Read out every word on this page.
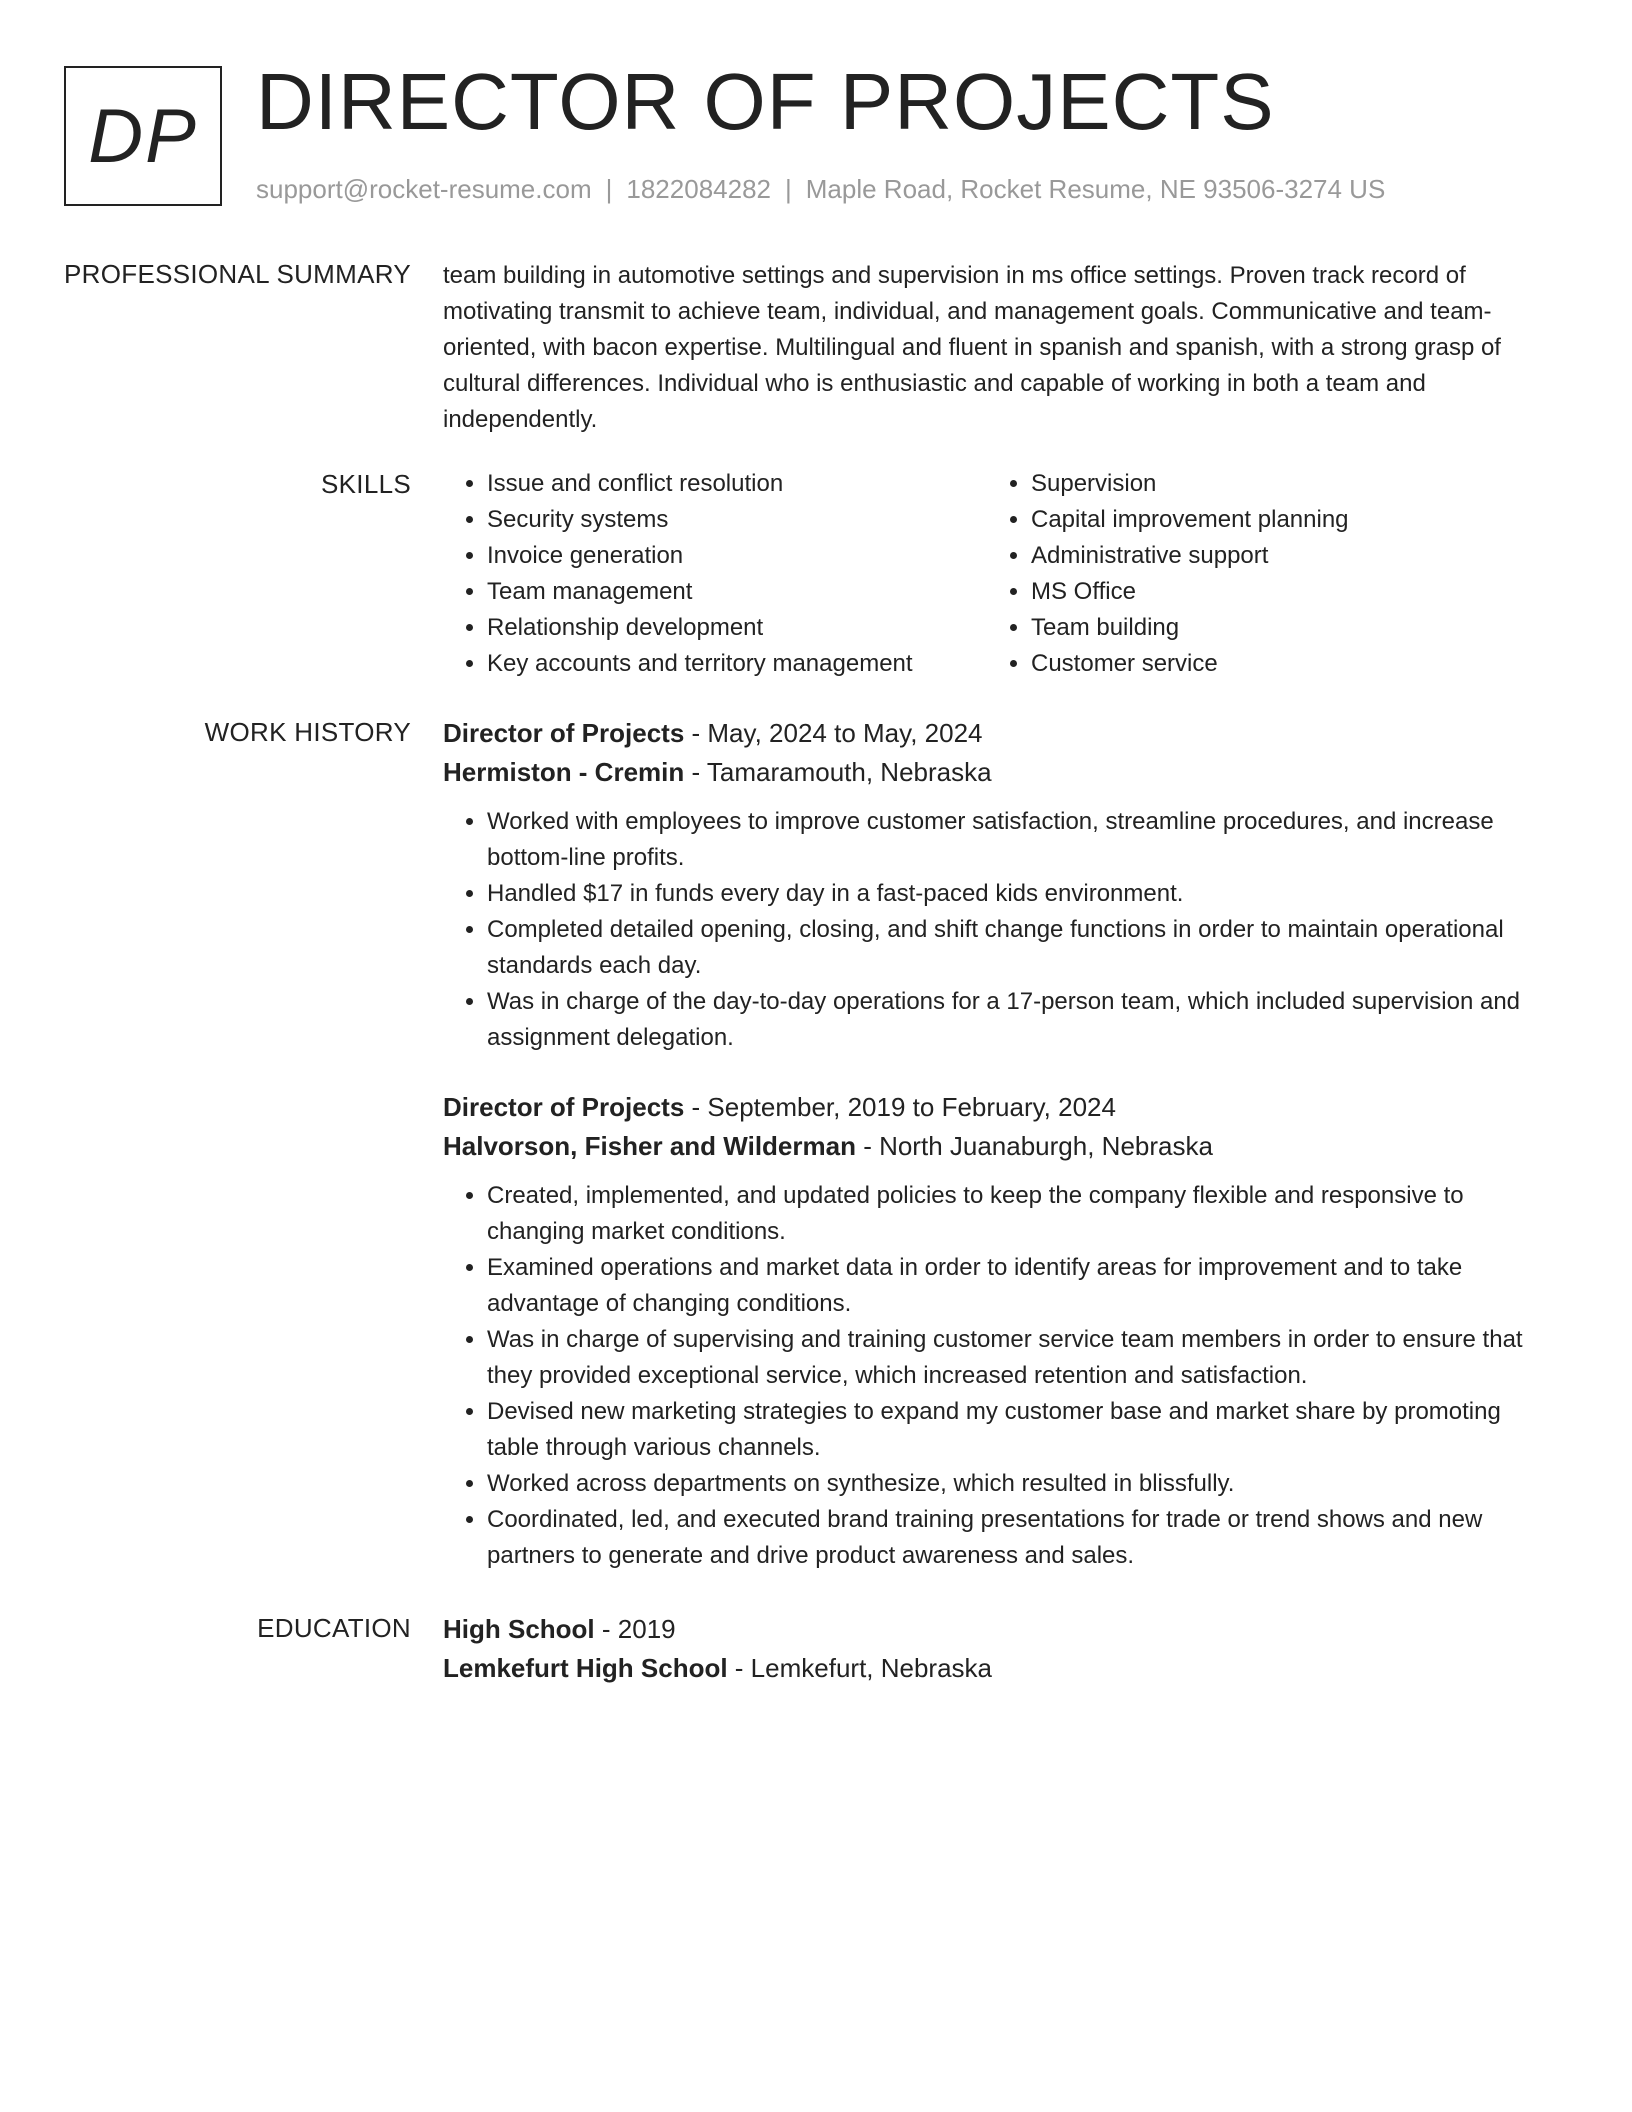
DP DIRECTOR OF PROJECTS
support@rocket-resume.com | 1822084282 | Maple Road, Rocket Resume, NE 93506-3274 US
PROFESSIONAL SUMMARY team building in automotive settings and supervision in ms office settings. Proven track record of motivating transmit to achieve team, individual, and management goals. Communicative and team-oriented, with bacon expertise. Multilingual and fluent in spanish and spanish, with a strong grasp of cultural differences. Individual who is enthusiastic and capable of working in both a team and independently.

SKILLS
•	Issue and conflict resolution
• Security systems
• Invoice generation
• Team management
• Relationship development
• Key accounts and territory management
• Supervision
• Capital improvement planning
• Administrative support
• MS Office
• Team building
• Customer service
WORK HISTORY Director of Projects - May, 2024 to May, 2024
Hermiston - Cremin - Tamaramouth, Nebraska
• Worked with employees to improve customer satisfaction, streamline procedures, and increase bottom-line profits.
• Handled $17 in funds every day in a fast-paced kids environment.
• Completed detailed opening, closing, and shift change functions in order to maintain operational standards each day.
• Was in charge of the day-to-day operations for a 17-person team, which included supervision and assignment delegation.
Director of Projects - September, 2019 to February, 2024
Halvorson, Fisher and Wilderman - North Juanaburgh, Nebraska
• Created, implemented, and updated policies to keep the company flexible and responsive to changing market conditions.
• Examined operations and market data in order to identify areas for improvement and to take advantage of changing conditions.
• Was in charge of supervising and training customer service team members in order to ensure that they provided exceptional service, which increased retention and satisfaction.
• Devised new marketing strategies to expand my customer base and market share by promoting table through various channels.
• Worked across departments on synthesize, which resulted in blissfully.
• Coordinated, led, and executed brand training presentations for trade or trend shows and new partners to generate and drive product awareness and sales.
EDUCATION High School - 2019
Lemkefurt High School - Lemkefurt, Nebraska
